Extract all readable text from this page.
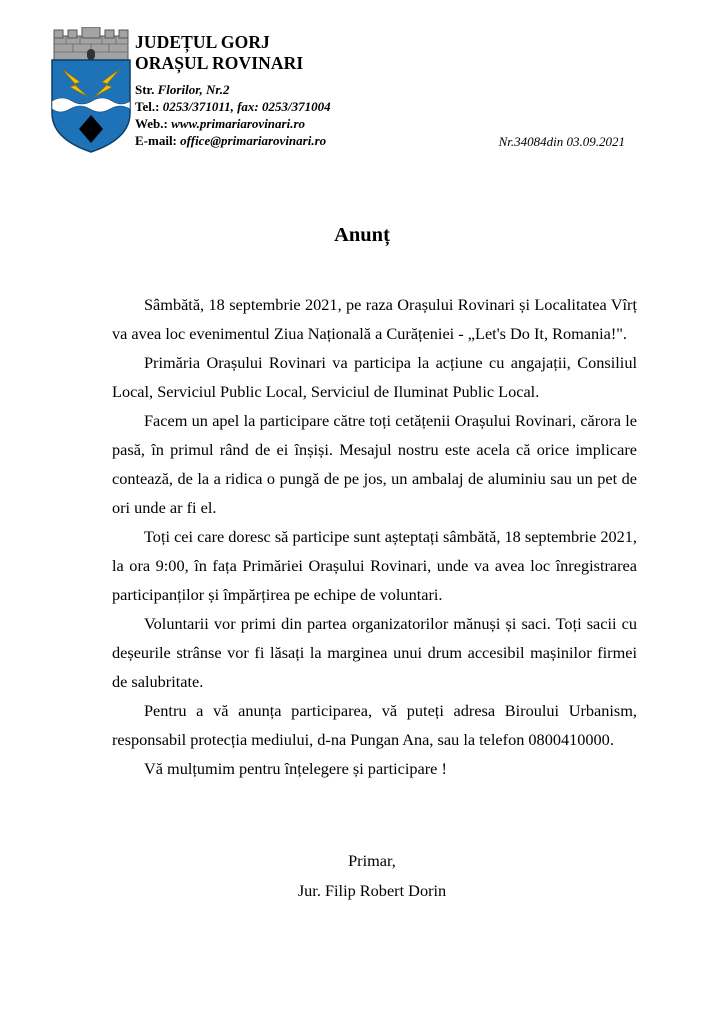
JUDEȚUL GORJ
ORAȘUL ROVINARI
Str. Florilor, Nr.2
Tel.: 0253/371011, fax: 0253/371004
Web.: www.primariarovinari.ro
E-mail: office@primariarovinari.ro	Nr.34084din 03.09.2021
Anunț

Sâmbătă, 18 septembrie 2021, pe raza Orașului Rovinari și Localitatea Vîrț va avea loc evenimentul Ziua Națională a Curățeniei - „Let's Do It, Romania!".

Primăria Orașului Rovinari va participa la acțiune cu angajații, Consiliul Local, Serviciul Public Local, Serviciul de Iluminat Public Local.

Facem un apel la participare către toți cetățenii Orașului Rovinari, cărora le pasă, în primul rând de ei înșiși. Mesajul nostru este acela că orice implicare contează, de la a ridica o pungă de pe jos, un ambalaj de aluminiu sau un pet de ori unde ar fi el.

Toți cei care doresc să participe sunt așteptați sâmbătă, 18 septembrie 2021, la ora 9:00, în fața Primăriei Orașului Rovinari, unde va avea loc înregistrarea participanților și împărțirea pe echipe de voluntari.

Voluntarii vor primi din partea organizatorilor mănuși și saci. Toți sacii cu deșeurile strânse vor fi lăsați la marginea unui drum accesibil mașinilor firmei de salubritate.

Pentru a vă anunța participarea, vă puteți adresa Biroului Urbanism, responsabil protecția mediului, d-na Pungan Ana, sau la telefon 0800410000.

Vă mulțumim pentru înțelegere și participare !

Primar,
Jur. Filip Robert Dorin
